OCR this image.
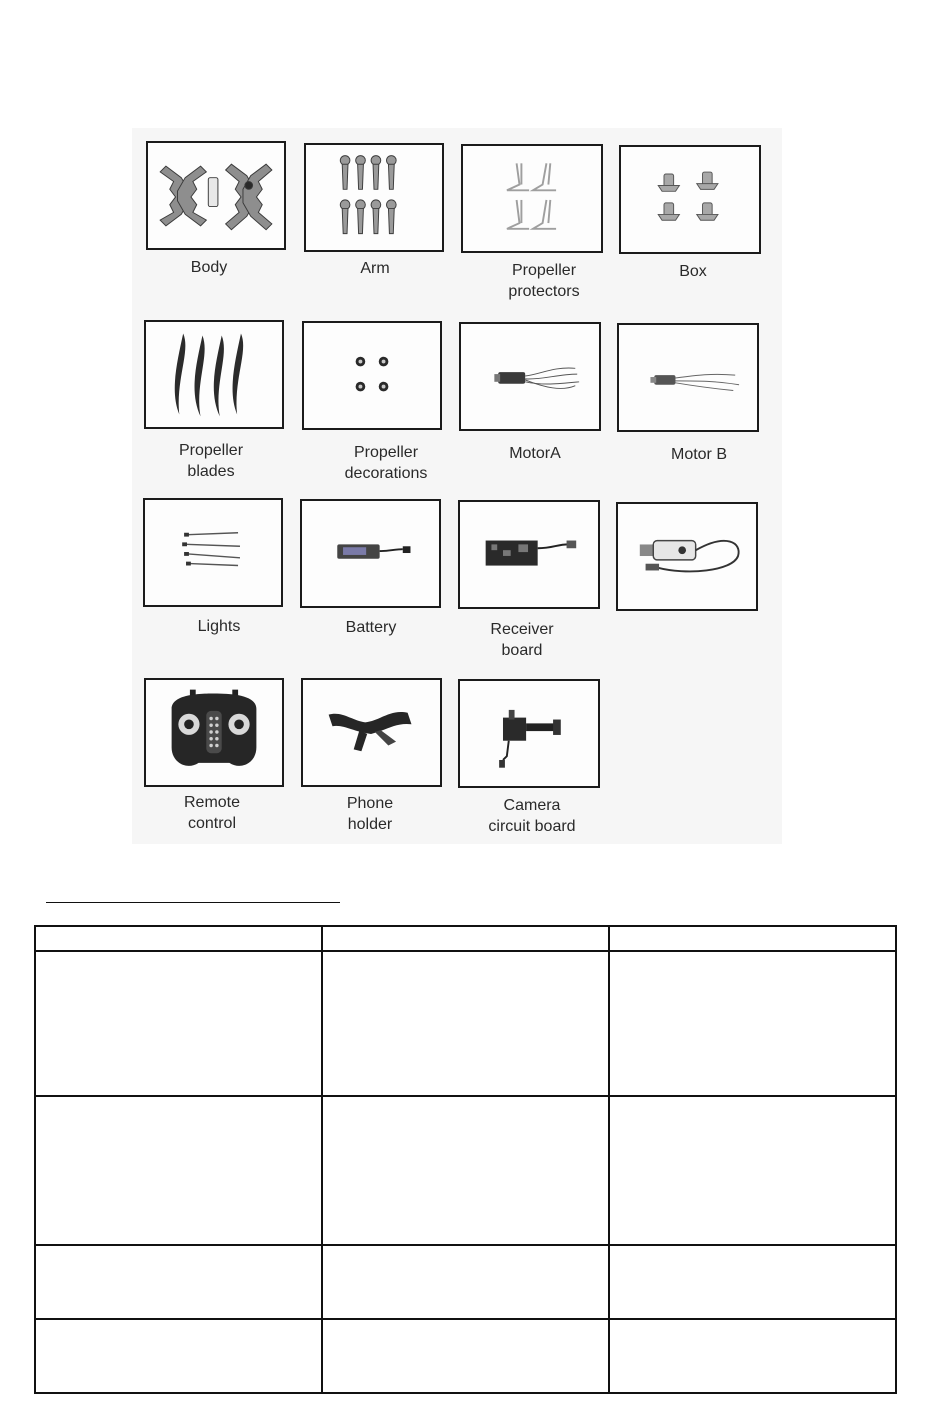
Body	Arm	Propeller
protectors
Box
Propeller
blades
Propeller
decorations
MotorA	Motor B
Lights	Battery	Receiver
board
Remote
control
Phone
holder
Camera
circuit board
